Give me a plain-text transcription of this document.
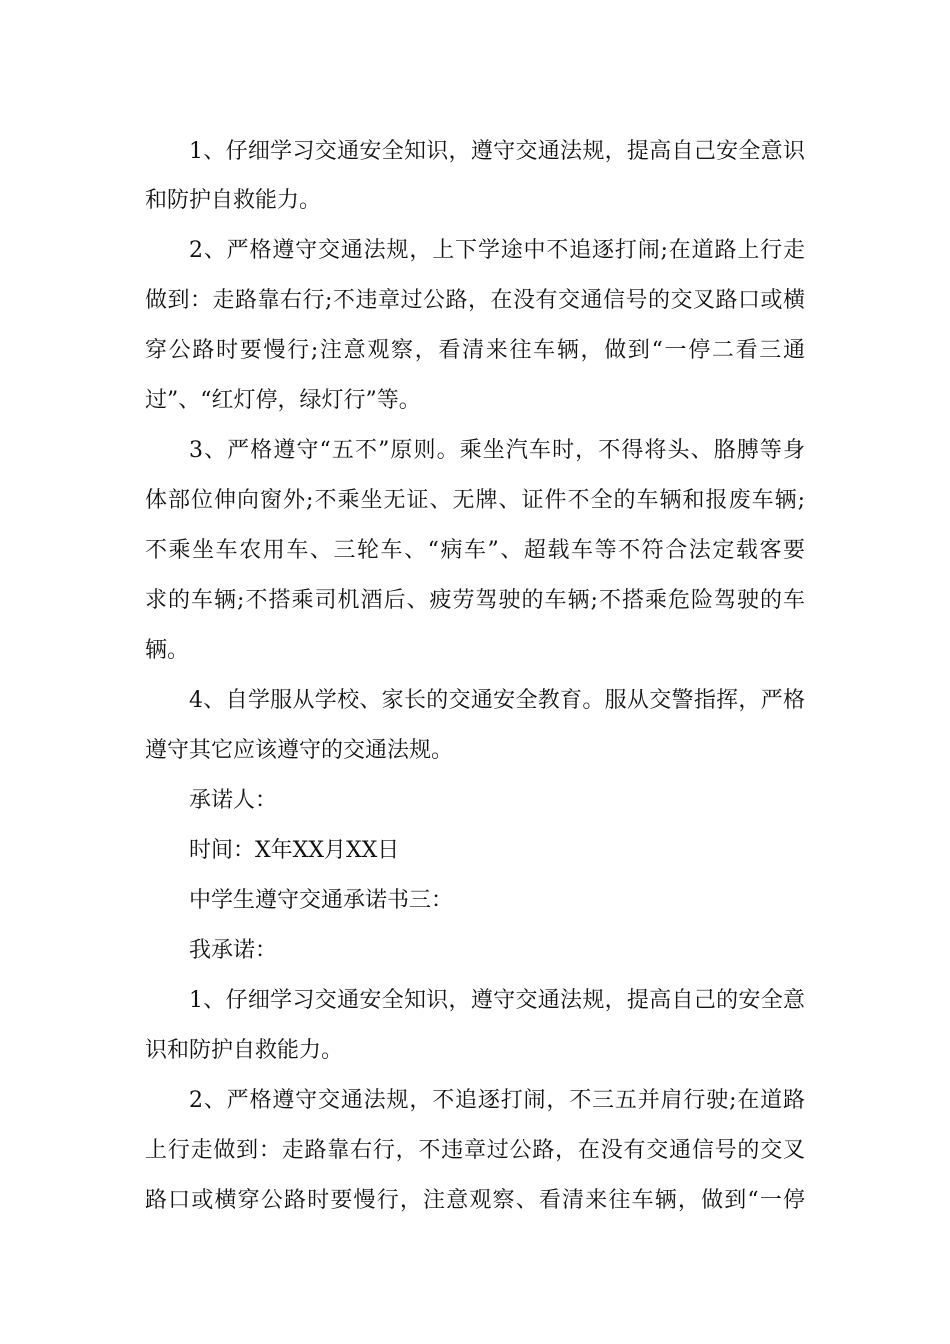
1、仔细学习交通安全知识，遵守交通法规，提高自己安全意识
和防护自救能力。
2、严格遵守交通法规，上下学途中不追逐打闹;在道路上行走
做到：走路靠右行;不违章过公路，在没有交通信号的交叉路口或横
穿公路时要慢行;注意观察，看清来往车辆，做到“一停二看三通
过”、“红灯停，绿灯行”等。
3、严格遵守“五不”原则。乘坐汽车时，不得将头、胳膊等身
体部位伸向窗外;不乘坐无证、无牌、证件不全的车辆和报废车辆;
不乘坐车农用车、三轮车、“病车”、超载车等不符合法定载客要
求的车辆;不搭乘司机酒后、疲劳驾驶的车辆;不搭乘危险驾驶的车
辆。
4、自学服从学校、家长的交通安全教育。服从交警指挥，严格
遵守其它应该遵守的交通法规。
承诺人：
时间：X年XX月XX日
中学生遵守交通承诺书三：
我承诺：
1、仔细学习交通安全知识，遵守交通法规，提高自己的安全意
识和防护自救能力。
2、严格遵守交通法规，不追逐打闹，不三五并肩行驶;在道路
上行走做到：走路靠右行，不违章过公路，在没有交通信号的交叉
路口或横穿公路时要慢行，注意观察、看清来往车辆，做到“一停
